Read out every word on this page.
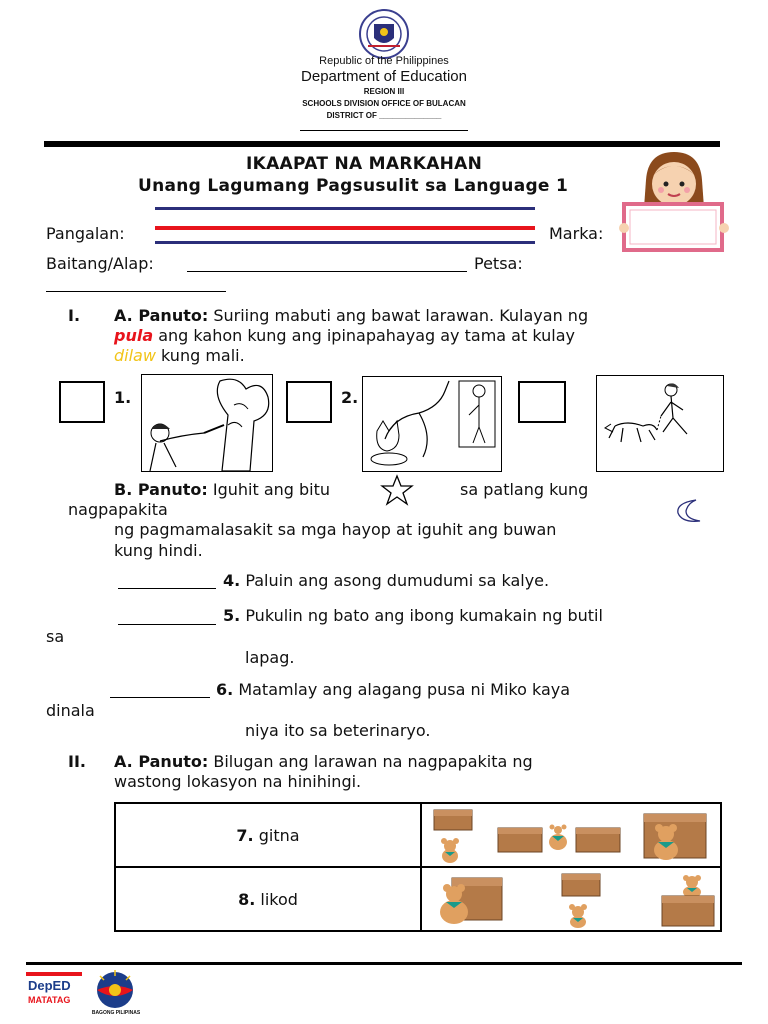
Republic of the Philippines
Department of Education
REGION III
SCHOOLS DIVISION OFFICE OF BULACAN
DISTRICT OF ______________
IKAAPAT NA MARKAHAN
Unang Lagumang Pagsusulit sa Language 1
Pangalan:	Marka:
Baitang/Alap:	Petsa:
I. A. Panuto: Suriing mabuti ang bawat larawan. Kulayan ng
pula ang kahon kung ang ipinapahayag ay tama at kulay
dilaw kung mali.
1.	2.
B. Panuto: Iguhit ang bitu	sa patlang kung
nagpapakita
ng pagmamalasakit sa mga hayop at iguhit ang buwan
kung hindi.
4. Paluin ang asong dumudumi sa kalye.
5. Pukulin ng bato ang ibong kumakain ng butil
sa
lapag.
6. Matamlay ang alagang pusa ni Miko kaya
dinala
niya ito sa beterinaryo.
II. A. Panuto: Bilugan ang larawan na nagpapakita ng
wastong lokasyon na hinihingi.
7. gitna	

8. likod	
DepED
MATATAG
BAGONG PILIPINAS
